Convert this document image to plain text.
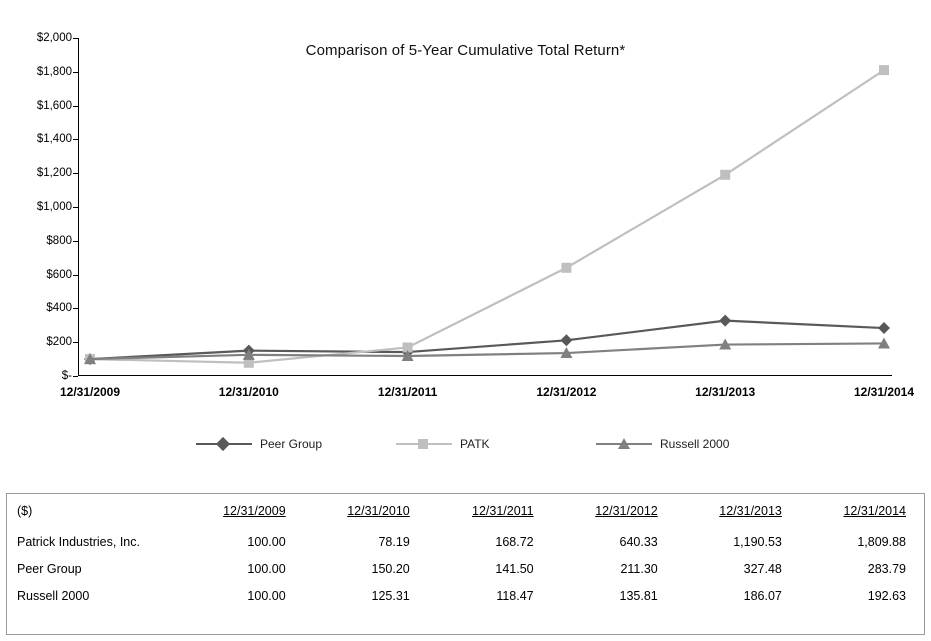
Comparison of 5-Year Cumulative Total Return*
$-
$200
$400
$600
$800
$1,000
$1,200
$1,400
$1,600
$1,800
$2,000
12/31/2009	12/31/2010	12/31/2011	12/31/2012	12/31/2013	12/31/2014
Peer Group	PATK	Russell 2000
($)	12/31/2009	12/31/2010	12/31/2011	12/31/2012	12/31/2013	12/31/2014
Patrick Industries, Inc.	100.00	78.19	168.72	640.33	1,190.53	1,809.88
Peer Group	100.00	150.20	141.50	211.30	327.48	283.79
Russell 2000	100.00	125.31	118.47	135.81	186.07	192.63
